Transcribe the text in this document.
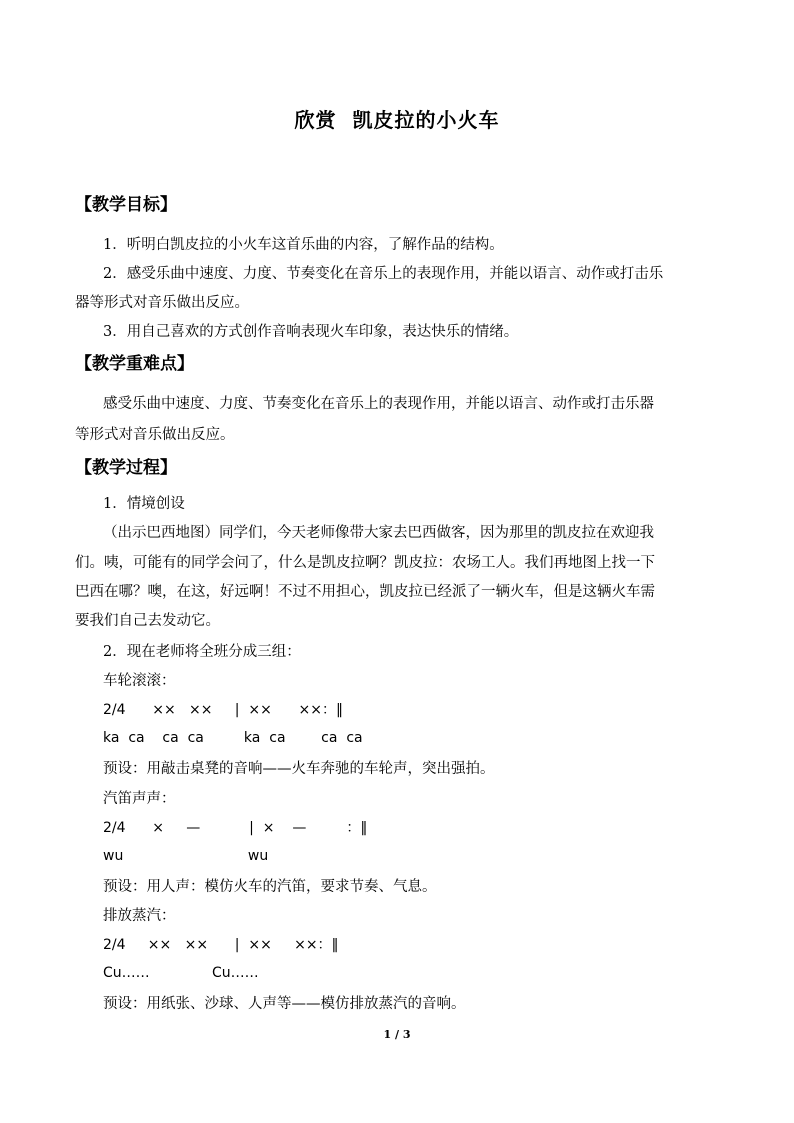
欣赏  凯皮拉的小火车
【教学目标】
1．听明白凯皮拉的小火车这首乐曲的内容，了解作品的结构。
2．感受乐曲中速度、力度、节奏变化在音乐上的表现作用，并能以语言、动作或打击乐
器等形式对音乐做出反应。
3．用自己喜欢的方式创作音响表现火车印象，表达快乐的情绪。
【教学重难点】
感受乐曲中速度、力度、节奏变化在音乐上的表现作用，并能以语言、动作或打击乐器
等形式对音乐做出反应。
【教学过程】
1．情境创设
（出示巴西地图）同学们，今天老师像带大家去巴西做客，因为那里的凯皮拉在欢迎我
们。咦，可能有的同学会问了，什么是凯皮拉啊？凯皮拉：农场工人。我们再地图上找一下
巴西在哪？噢，在这，好远啊！不过不用担心，凯皮拉已经派了一辆火车，但是这辆火车需
要我们自己去发动它。
2．现在老师将全班分成三组：
车轮滚滚：
2/4      ××   ××     |  ××      ××：‖
ka  ca    ca  ca         ka  ca        ca  ca
预设：用敲击桌凳的音响——火车奔驰的车轮声，突出强拍。
汽笛声声：
2/4      ×     —           |  ×    —         ：‖
wu                            wu
预设：用人声：模仿火车的汽笛，要求节奏、气息。
排放蒸汽：
2/4     ××   ××      |  ××     ××：‖
Cu……              Cu……
预设：用纸张、沙球、人声等——模仿排放蒸汽的音响。
1 / 3
